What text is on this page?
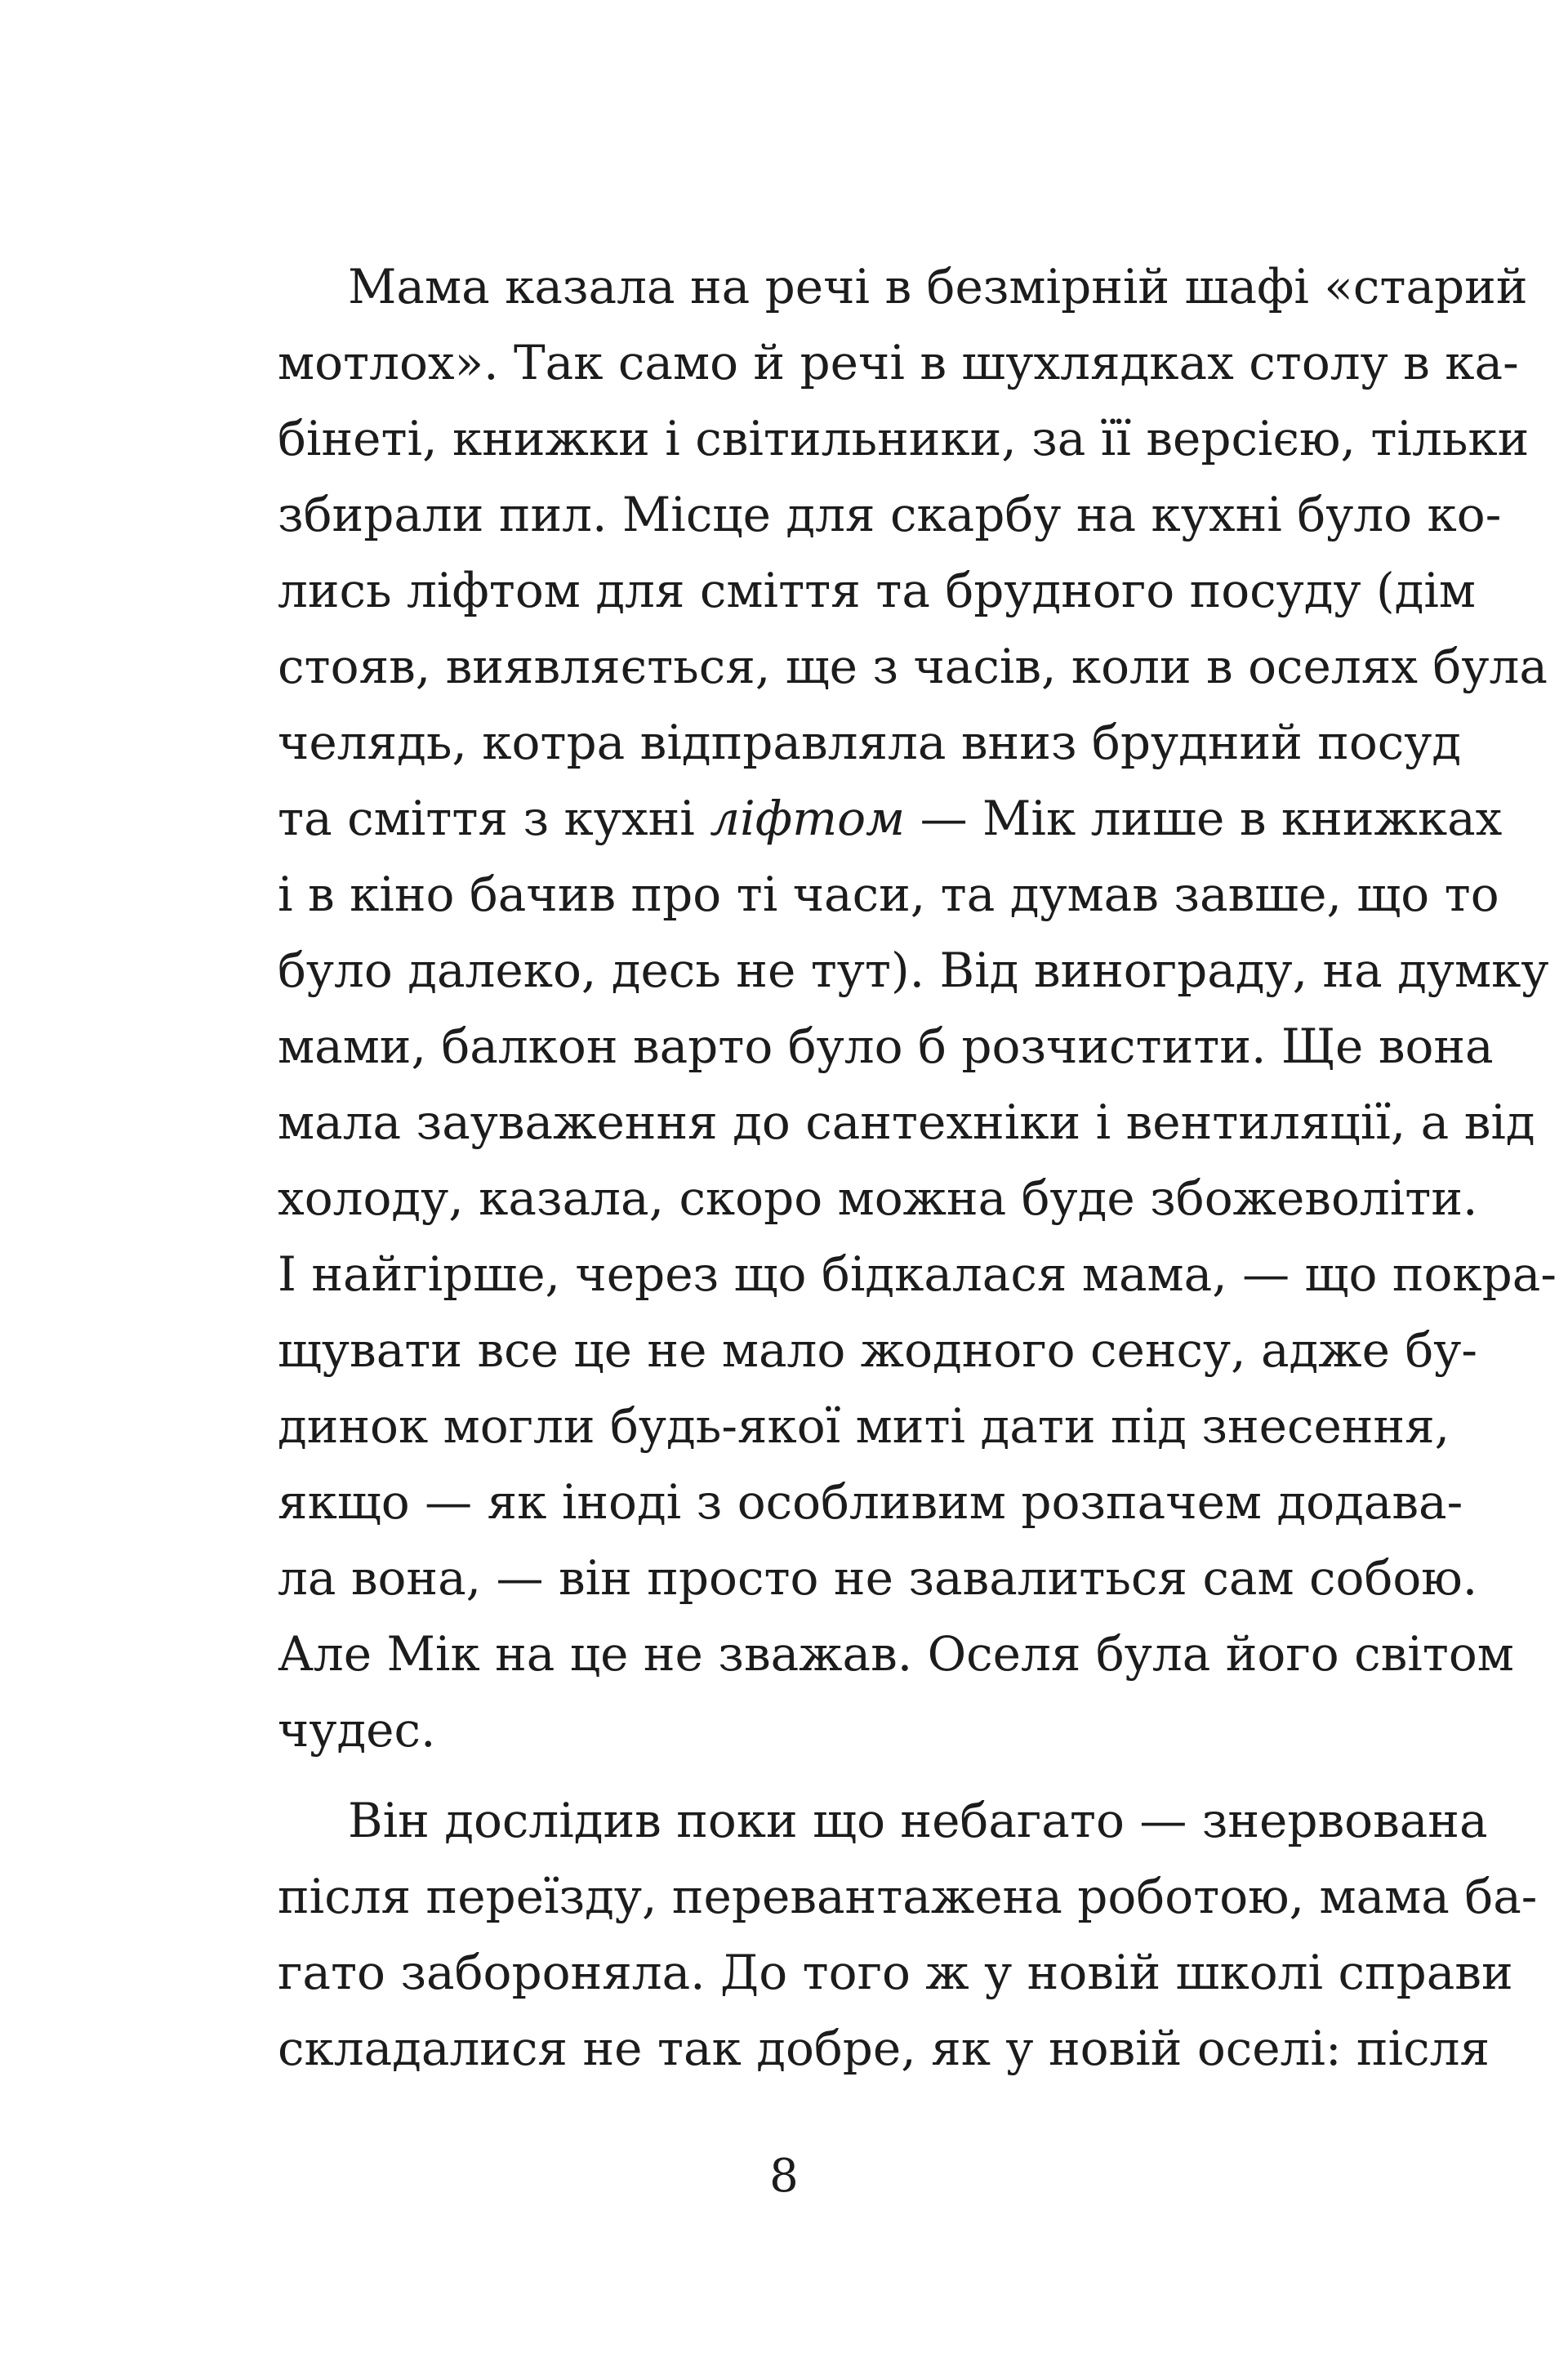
Мама казала на речі в безмірній шафі «старий
мотлох». Так само й речі в шухлядках столу в ка-
бінеті, книжки і світильники, за її версією, тільки
збирали пил. Місце для скарбу на кухні було ко-
лись ліфтом для сміття та брудного посуду (дім
стояв, виявляється, ще з часів, коли в оселях була
челядь, котра відправляла вниз брудний посуд
та сміття з кухні ліфтом — Мік лише в книжках
і в кіно бачив про ті часи, та думав завше, що то
було далеко, десь не тут). Від винограду, на думку
мами, балкон варто було б розчистити. Ще вона
мала зауваження до сантехніки і вентиляції, а від
холоду, казала, скоро можна буде збожеволіти.
І найгірше, через що бідкалася мама, — що покра-
щувати все це не мало жодного сенсу, адже бу-
динок могли будь-якої миті дати під знесення,
якщо — як іноді з особливим розпачем додава-
ла вона, — він просто не завалиться сам собою.
Але Мік на це не зважав. Оселя була його світом
чудес.
Він дослідив поки що небагато — знервована
після переїзду, перевантажена роботою, мама ба-
гато забороняла. До того ж у новій школі справи
складалися не так добре, як у новій оселі: після
8
